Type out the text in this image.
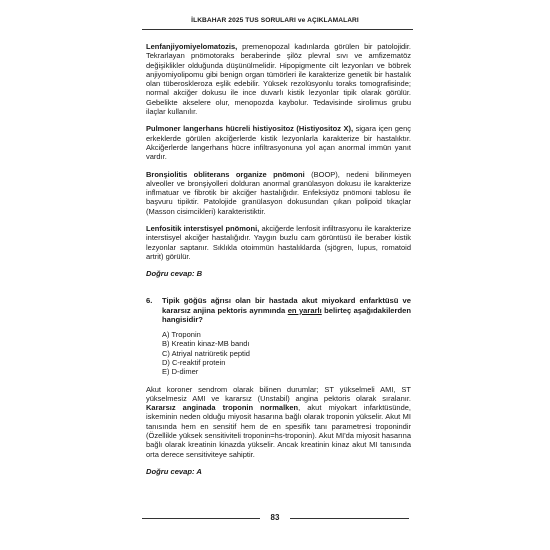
İLKBAHAR 2025 TUS SORULARI ve AÇIKLAMALARI

Lenfanjiyomiyelomatozis, premenopozal kadınlarda görülen bir patolojidir. Tekrarlayan pnömotoraks beraberinde şilöz plevral sıvı ve amfizematöz değişiklikler olduğunda düşünülmelidir. Hipopigmente cilt lezyonları ve böbrek anjiyomiyolipomu gibi benign organ tümörleri ile karakterize genetik bir hastalık olan tüberoskleroza eşlik edebilir. Yüksek rezolüsyonlu toraks tomografisinde; normal akciğer dokusu ile ince duvarlı kistik lezyonlar tipik olarak görülür. Gebelikte akselere olur, menopozda kaybolur. Tedavisinde sirolimus grubu ilaçlar kullanılır.

Pulmoner langerhans hücreli histiyositoz (Histiyositoz X), sigara içen genç erkeklerde görülen akciğerlerde kistik lezyonlarla karakterize bir hastalıktır. Akciğerlerde langerhans hücre infiltrasyonuna yol açan anormal immün yanıt vardır.

Bronşiolitis obliterans organize pnömoni (BOOP), nedeni bilinmeyen alveoller ve bronşiyolleri dolduran anormal granülasyon dokusu ile karakterize inflmatuar ve fibrotik bir akciğer hastalığıdır. Enfeksiyöz pnömoni tablosu ile başvuru tipiktir. Patolojide granülasyon dokusundan çıkan polipoid tıkaçlar (Masson cisimcikleri) karakteristiktir.

Lenfositik interstisyel pnömoni, akciğerde lenfosit infiltrasyonu ile karakterize interstisyel akciğer hastalığıdır. Yaygın buzlu cam görüntüsü ile beraber kistik lezyonlar saptanır. Sıklıkla otoimmün hastalıklarda (sjögren, lupus, romatoid artrit) görülür.

Doğru cevap: B

6. Tipik göğüs ağrısı olan bir hastada akut miyokard enfarktüsü ve kararsız anjina pektoris ayrımında en yararlı belirteç aşağıdakilerden hangisidir?
A) Troponin
B) Kreatin kinaz-MB bandı
C) Atriyal natriüretik peptid
D) C-reaktif protein
E) D-dimer

Akut koroner sendrom olarak bilinen durumlar; ST yükselmeli AMI, ST yükselmesiz AMI ve kararsız (Unstabil) angina pektoris olarak sıralanır. Kararsız anginada troponin normalken, akut miyokart infarktüsünde, iskeminin neden olduğu miyosit hasarına bağlı olarak troponin yükselir. Akut MI tanısında hem en sensitif hem de en spesifik tanı parametresi troponindir (Özellikle yüksek sensitiviteli troponin=hs-troponin). Akut MI'da miyosit hasarına bağlı olarak kreatinin kinazda yükselir. Ancak kreatinin kinaz akut MI tanısında orta derece sensitiviteye sahiptir.

Doğru cevap: A

83
